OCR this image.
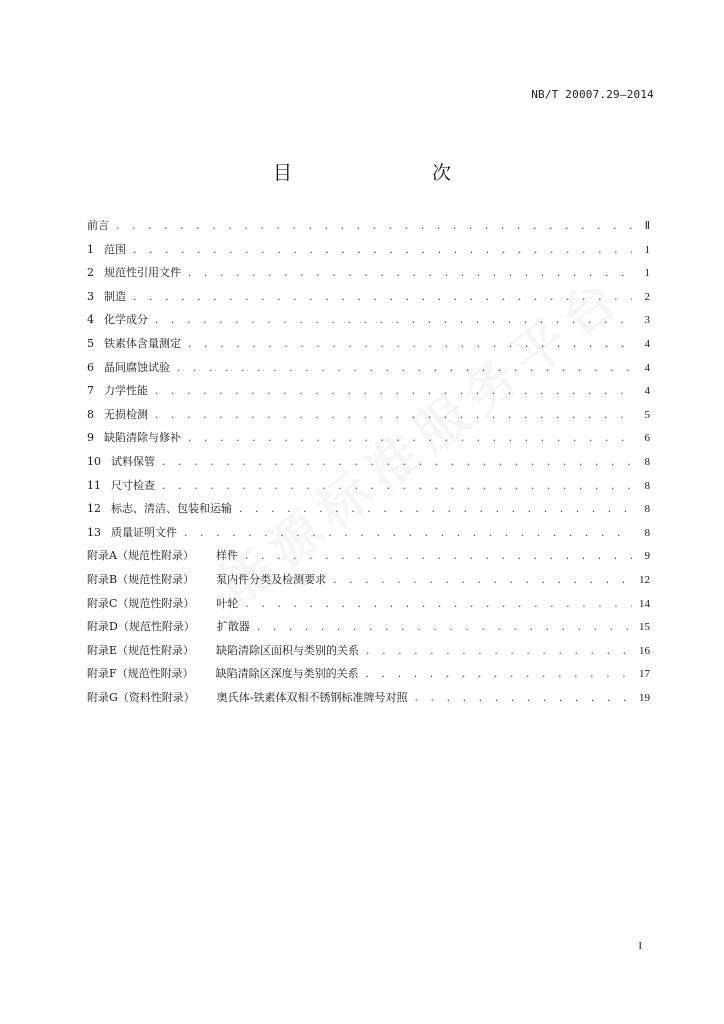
NB/T 20007.29—2014
目　　次
前言 . . .	Ⅱ
1 范围 . . .	1
2 规范性引用文件 . . .	1
3 制造 . . .	2
4 化学成分 . . .	3
5 铁素体含量测定 . . .	4
6 晶间腐蚀试验 . . .	4
7 力学性能 . . .	4
8 无损检测 . . .	5
9 缺陷清除与修补 . . .	6
10 试料保管 . . .	8
11 尺寸检查 . . .	8
12 标志、清洁、包装和运输 . . .	8
13 质量证明文件 . . .	8
附录A（规范性附录） 样件 . . .	9
附录B（规范性附录） 泵内件分类及检测要求 . . .	12
附录C（规范性附录） 叶轮 . . .	14
附录D（规范性附录） 扩散器 . . .	15
附录E（规范性附录） 缺陷清除区面积与类别的关系 . . .	16
附录F（规范性附录） 缺陷清除区深度与类别的关系 . . .	17
附录G（资料性附录） 奥氏体-铁素体双相不锈钢标准牌号对照 . . .	19
I
